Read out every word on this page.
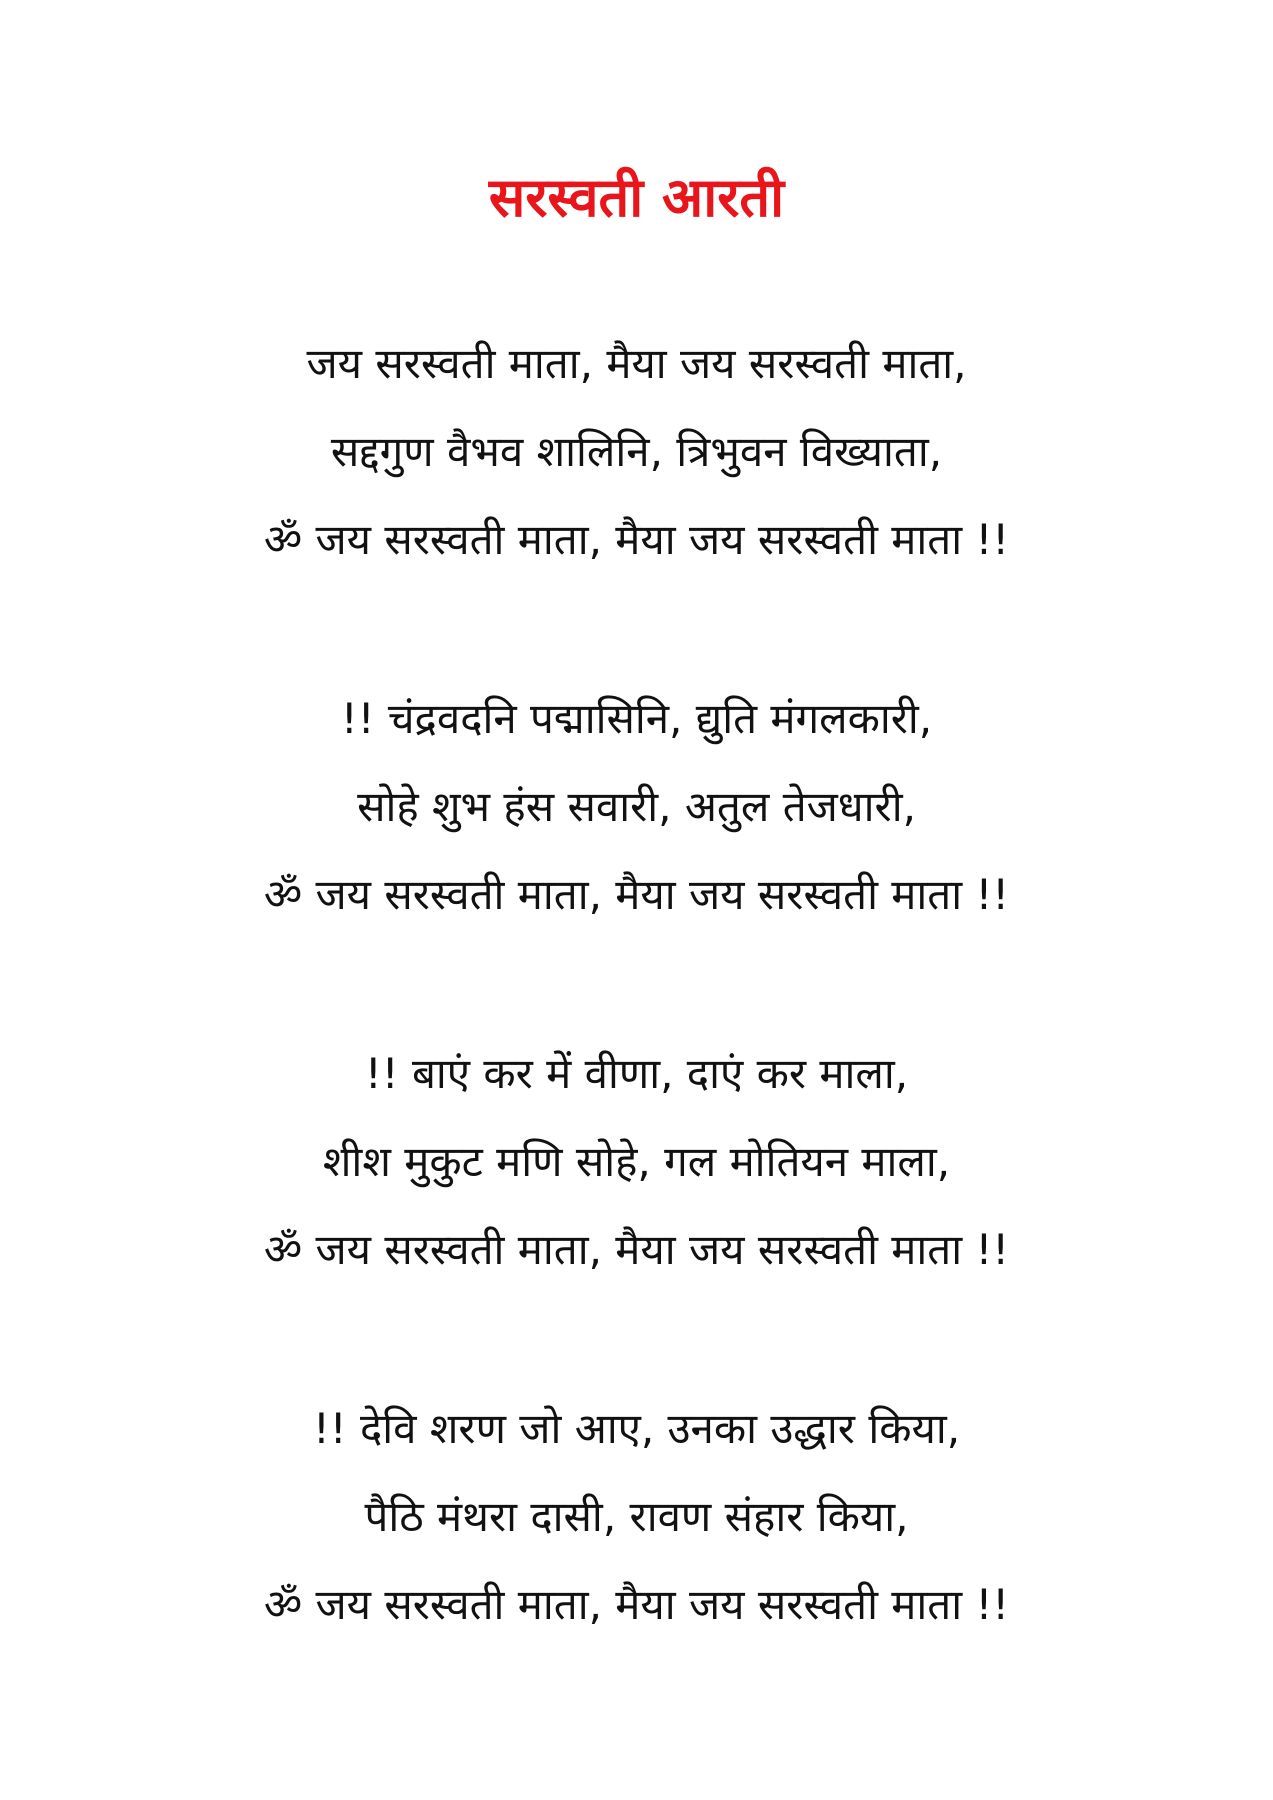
सरस्वती आरती
जय सरस्वती माता, मैया जय सरस्वती माता,
सद्दगुण वैभव शालिनि, त्रिभुवन विख्याता,
ॐ जय सरस्वती माता, मैया जय सरस्वती माता !!
!! चंद्रवदनि पद्मासिनि, द्युति मंगलकारी,
सोहे शुभ हंस सवारी, अतुल तेजधारी,
ॐ जय सरस्वती माता, मैया जय सरस्वती माता !!
!! बाएं कर में वीणा, दाएं कर माला,
शीश मुकुट मणि सोहे, गल मोतियन माला,
ॐ जय सरस्वती माता, मैया जय सरस्वती माता !!
!! देवि शरण जो आए, उनका उद्धार किया,
पैठि मंथरा दासी, रावण संहार किया,
ॐ जय सरस्वती माता, मैया जय सरस्वती माता !!
